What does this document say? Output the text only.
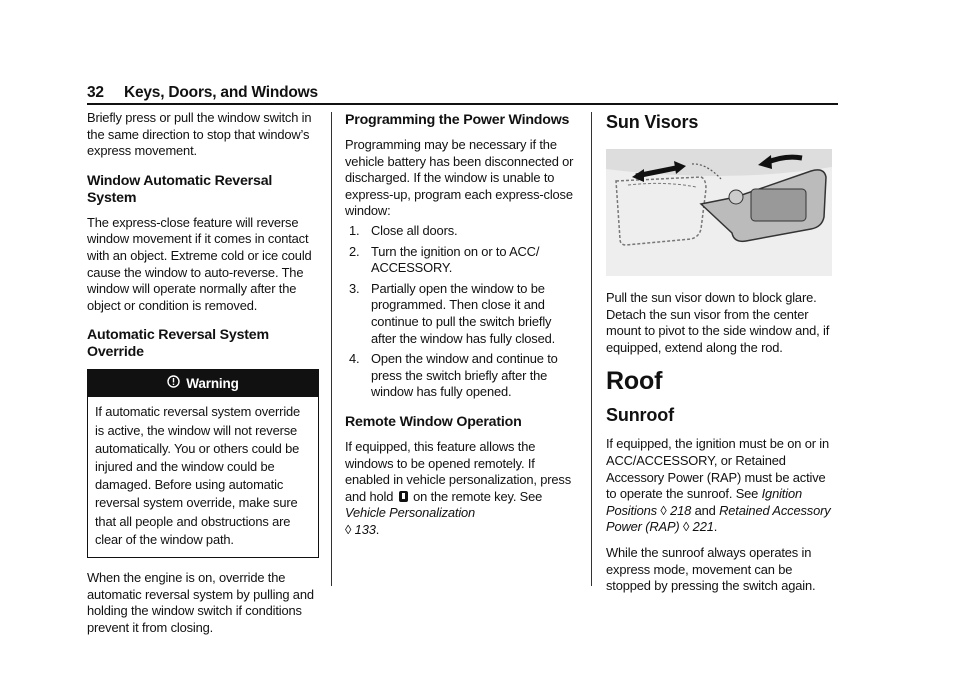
32 Keys, Doors, and Windows

Briefly press or pull the window switch in the same direction to stop that window’s express movement.

Window Automatic Reversal System

The express-close feature will reverse window movement if it comes in contact with an object. Extreme cold or ice could cause the window to auto-reverse. The window will operate normally after the object or condition is removed.

Automatic Reversal System Override
Warning
If automatic reversal system override is active, the window will not reverse automatically. You or others could be injured and the window could be damaged. Before using automatic reversal system override, make sure that all people and obstructions are clear of the window path.

When the engine is on, override the automatic reversal system by pulling and holding the window switch if conditions prevent it from closing.

Programming the Power Windows

Programming may be necessary if the vehicle battery has been disconnected or discharged. If the window is unable to express-up, program each express-close window:

1. Close all doors.
2. Turn the ignition on or to ACC/ ACCESSORY.
3. Partially open the window to be programmed. Then close it and continue to pull the switch briefly after the window has fully closed.
4. Open the window and continue to press the switch briefly after the window has fully opened.
Remote Window Operation

If equipped, this feature allows the windows to be opened remotely. If enabled in vehicle personalization, press and hold on the remote key. See Vehicle Personalization
◊ 133.

Sun Visors

Pull the sun visor down to block glare. Detach the sun visor from the center mount to pivot to the side window and, if equipped, extend along the rod.

Roof
Sunroof

If equipped, the ignition must be on or in ACC/ACCESSORY, or Retained Accessory Power (RAP) must be active to operate the sunroof. See Ignition Positions ◊ 218 and Retained Accessory Power (RAP) ◊ 221.

While the sunroof always operates in express mode, movement can be stopped by pressing the switch again.
